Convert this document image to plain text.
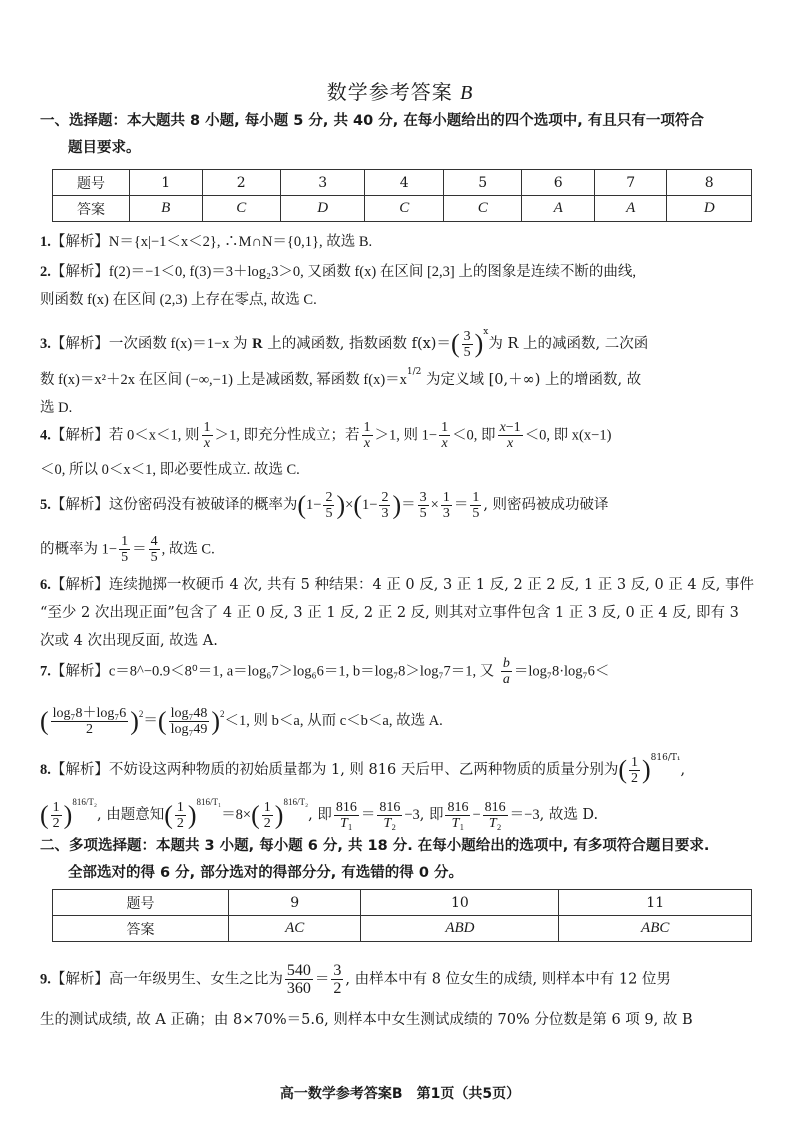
数学参考答案 B
一、选择题：本大题共 8 小题, 每小题 5 分, 共 40 分, 在每小题给出的四个选项中, 有且只有一项符合
题目要求。
题号	1	2	3	4	5	6	7	8
答案	B	C	D	C	C	A	A	D
1.【解析】N＝{x|−1＜x＜2}, ∴M∩N＝{0,1}, 故选 B.
2.【解析】f(2)＝−1＜0, f(3)＝3＋log₂3＞0, 又函数 f(x) 在区间 [2,3] 上的图象是连续不断的曲线,
则函数 f(x) 在区间 (2,3) 上存在零点, 故选 C.
3.【解析】一次函数 f(x)＝1−x 为 R 上的减函数, 指数函数 $f(x)=( \frac{3}{5} )^x$为 R 上的减函数, 二次函
数 f(x)＝x²＋2x 在区间 (−∞,−1) 上是减函数, 幂函数 $f(x)=x^{1/2}$ 为定义域 [0,＋∞) 上的增函数, 故
选 D.
4.【解析】若 0＜x＜1, 则 $\frac{1}{x} >1$, 即充分性成立；若 $\frac{1}{x} >1$, 则 $1- \frac{1}{x} <0$, 即 $\frac{x-1}{x} <0$, 即 x(x−1)
＜0, 所以 0＜x＜1, 即必要性成立. 故选 C.
5.【解析】这份密码没有被破译的概率为$(1- \frac{2}{5} )\times(1- \frac{2}{3}$ )＝ $\frac{3}{5} \times \frac{1}{3} = \frac{1}{5}$ , 则密码被成功破译
的概率为 $1- \frac{1}{5} = \frac{4}{5}$ , 故选 C.
6.【解析】连续抛掷一枚硬币 4 次, 共有 5 种结果：4 正 0 反, 3 正 1 反, 2 正 2 反, 1 正 3 反, 0 正 4 反, 事件
“至少 2 次出现正面”包含了 4 正 0 反, 3 正 1 反, 2 正 2 反, 则其对立事件包含 1 正 3 反, 0 正 4 反, 即有 3
次或 4 次出现反面, 故选 A.
7.【解析】c＝8^−0.9＜8⁰＝1, a＝log₆7＞log₆6＝1, b＝log₇8＞log₇7＝1, 又 $\frac{b}{a} =\log_78\cdot\log_76<$
( $\frac{\text{log₇8＋log₇6}}{2} )^2=( \frac{\text{log₇48}}{\text{log₇49}} )^2<1$, 则 b＜a, 从而 c＜b＜a, 故选 A.
8.【解析】不妨设这两种物质的初始质量都为 1, 则 816 天后甲、乙两种物质的质量分别为( $\frac{1}{2} )^{816/T_1}$,
( $\frac{1}{2} )^{816/T_2}$, 由题意知( $\frac{1}{2} )^{816/T_1}=8\times( \frac{1}{2} )^{816/T_2}$, 即 $\frac{816}{\text{T₁}} = \frac{816}{\text{T₂}} -3$, 即 $\frac{816}{\text{T₁}} - \frac{816}{\text{T₂}} =-3$, 故选 D.
二、多项选择题：本题共 3 小题, 每小题 6 分, 共 18 分. 在每小题给出的选项中, 有多项符合题目要求.
全部选对的得 6 分, 部分选对的得部分分, 有选错的得 0 分。
题号	9	10	11
答案	AC	ABD	ABC
9.【解析】高一年级男生、女生之比为 $\frac{540}{360} = \frac{3}{2}$ , 由样本中有 8 位女生的成绩, 则样本中有 12 位男
生的测试成绩, 故 A 正确；由 8×70%＝5.6, 则样本中女生测试成绩的 70% 分位数是第 6 项 9, 故 B
高一数学参考答案B　第1页（共5页）
